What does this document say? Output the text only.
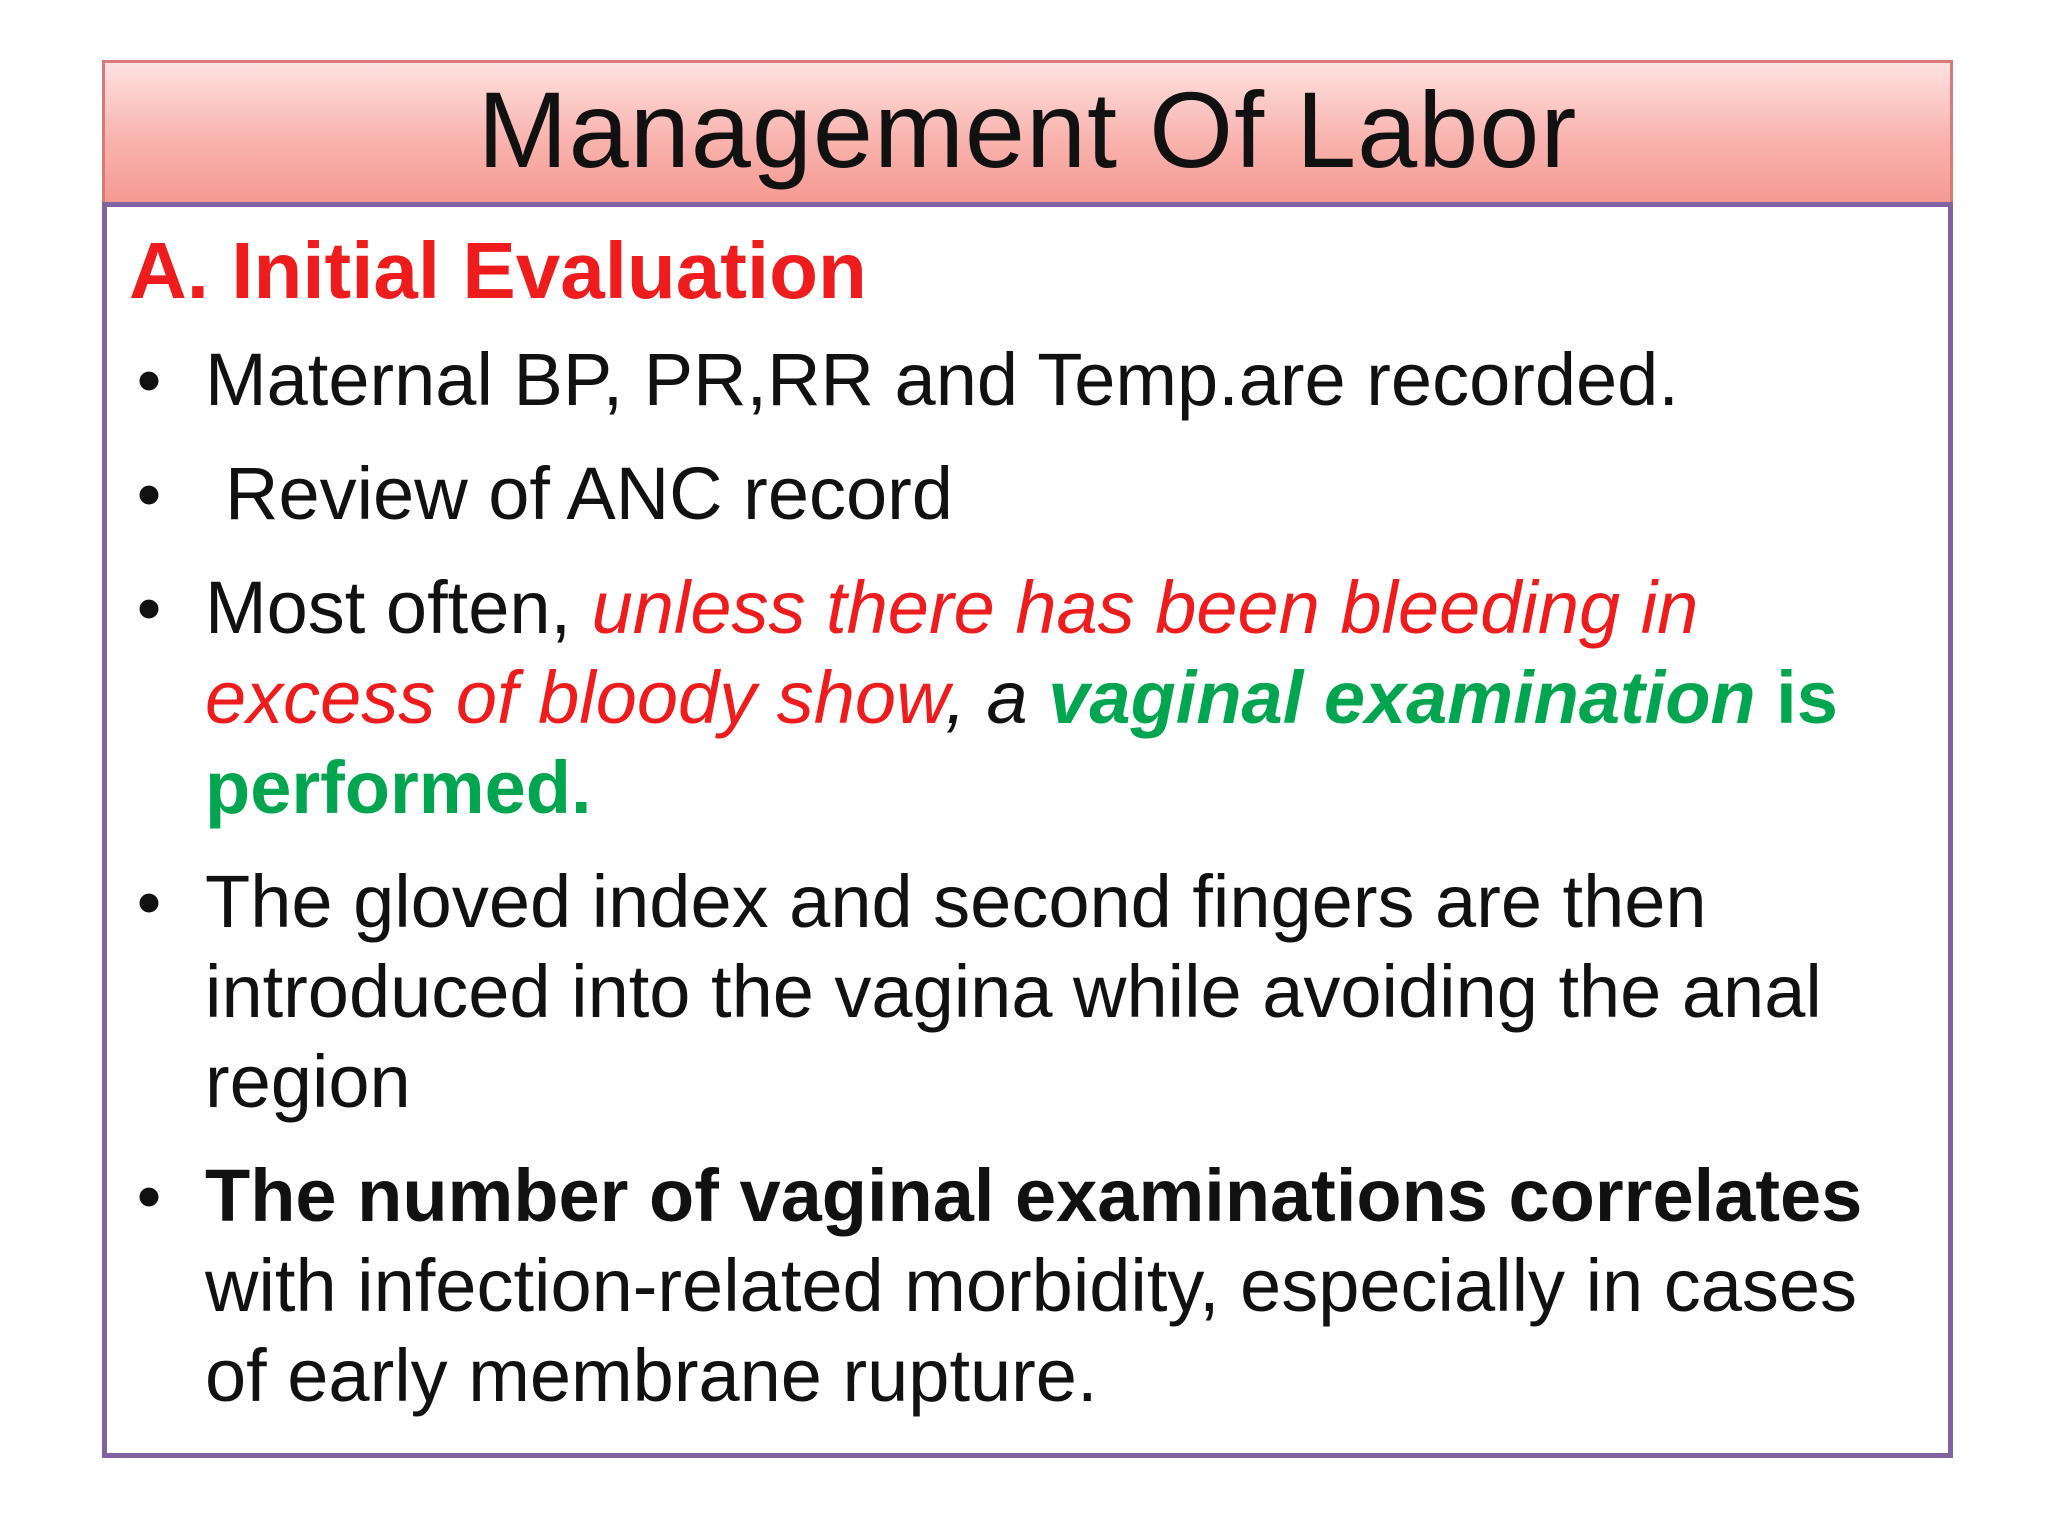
Management Of Labor
A. Initial Evaluation
• Maternal BP, PR,RR and Temp.are recorded.
• Review of ANC record
• Most often, unless there has been bleeding in excess of bloody show, a vaginal examination is performed.
• The gloved index and second fingers are then introduced into the vagina while avoiding the anal region
• The number of vaginal examinations correlates with infection-related morbidity, especially in cases of early membrane rupture.
